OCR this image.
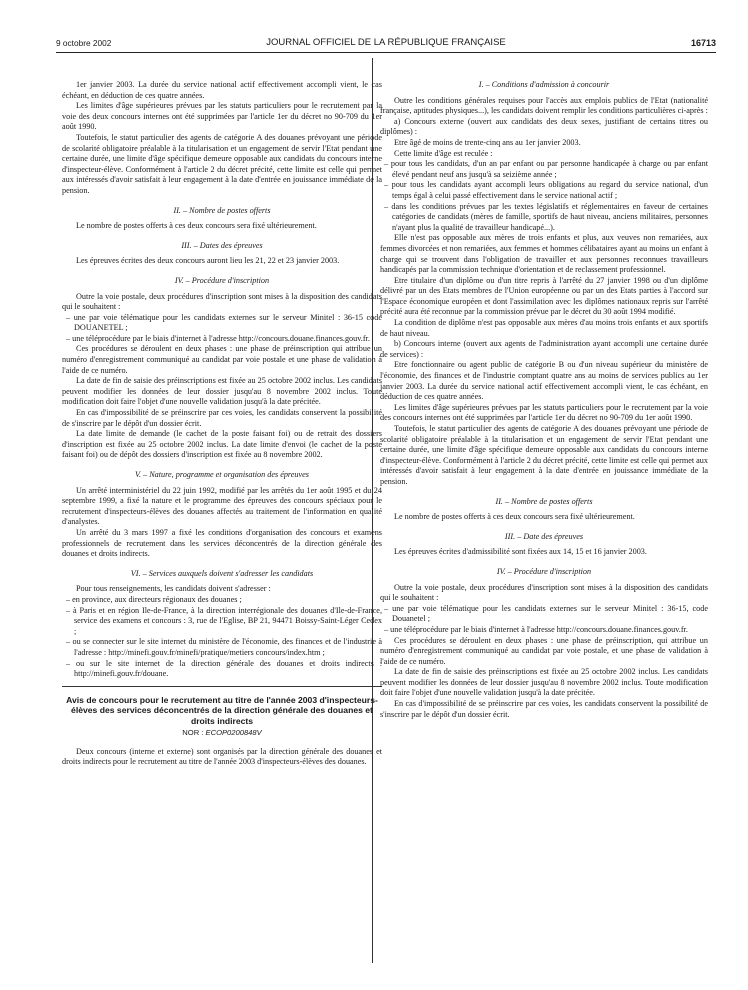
9 octobre 2002	JOURNAL OFFICIEL DE LA RÉPUBLIQUE FRANÇAISE	16713

1er janvier 2003. La durée du service national actif effectivement accompli vient, le cas échéant, en déduction de ces quatre années.

Les limites d'âge supérieures prévues par les statuts particuliers pour le recrutement par la voie des deux concours internes ont été supprimées par l'article 1er du décret no 90-709 du 1er août 1990.

Toutefois, le statut particulier des agents de catégorie A des douanes prévoyant une période de scolarité obligatoire préalable à la titularisation et un engagement de servir l'Etat pendant une certaine durée, une limite d'âge spécifique demeure opposable aux candidats du concours interne d'inspecteur-élève. Conformément à l'article 2 du décret précité, cette limite est celle qui permet aux intéressés d'avoir satisfait à leur engagement à la date d'entrée en jouissance immédiate de la pension.

II. – Nombre de postes offerts

Le nombre de postes offerts à ces deux concours sera fixé ultérieurement.

III. – Dates des épreuves

Les épreuves écrites des deux concours auront lieu les 21, 22 et 23 janvier 2003.

IV. – Procédure d'inscription

Outre la voie postale, deux procédures d'inscription sont mises à la disposition des candidats qui le souhaitent :

– une par voie télématique pour les candidats externes sur le serveur Minitel : 36-15 code DOUANETEL ;
– une téléprocédure par le biais d'internet à l'adresse http://concours.douane.finances.gouv.fr.

Ces procédures se déroulent en deux phases : une phase de préinscription qui attribue un numéro d'enregistrement communiqué au candidat par voie postale et une phase de validation à l'aide de ce numéro.

La date de fin de saisie des préinscriptions est fixée au 25 octobre 2002 inclus. Les candidats peuvent modifier les données de leur dossier jusqu'au 8 novembre 2002 inclus. Toute modification doit faire l'objet d'une nouvelle validation jusqu'à la date précitée.

En cas d'impossibilité de se préinscrire par ces voies, les candidats conservent la possibilité de s'inscrire par le dépôt d'un dossier écrit.

La date limite de demande (le cachet de la poste faisant foi) ou de retrait des dossiers d'inscription est fixée au 25 octobre 2002 inclus. La date limite d'envoi (le cachet de la poste faisant foi) ou de dépôt des dossiers d'inscription est fixée au 8 novembre 2002.

V. – Nature, programme et organisation des épreuves

Un arrêté interministériel du 22 juin 1992, modifié par les arrêtés du 1er août 1995 et du 24 septembre 1999, a fixé la nature et le programme des épreuves des concours spéciaux pour le recrutement d'inspecteurs-élèves des douanes affectés au traitement de l'information en qualité d'analystes.

Un arrêté du 3 mars 1997 a fixé les conditions d'organisation des concours et examens professionnels de recrutement dans les services déconcentrés de la direction générale des douanes et droits indirects.

VI. – Services auxquels doivent s'adresser les candidats

Pour tous renseignements, les candidats doivent s'adresser :

– en province, aux directeurs régionaux des douanes ;
– à Paris et en région Ile-de-France, à la direction interrégionale des douanes d'Ile-de-France, service des examens et concours : 3, rue de l'Eglise, BP 21, 94471 Boissy-Saint-Léger Cedex ;
– ou se connecter sur le site internet du ministère de l'économie, des finances et de l'industrie à l'adresse : http://minefi.gouv.fr/minefi/pratique/metiers concours/index.htm ;
– ou sur le site internet de la direction générale des douanes et droits indirects : http://minefi.gouv.fr/douane.
Avis de concours pour le recrutement au titre de l'année 2003 d'inspecteurs-élèves des services déconcentrés de la direction générale des douanes et droits indirects
NOR : ECOP0200848V

Deux concours (interne et externe) sont organisés par la direction générale des douanes et droits indirects pour le recrutement au titre de l'année 2003 d'inspecteurs-élèves des douanes.

I. – Conditions d'admission à concourir

Outre les conditions générales requises pour l'accès aux emplois publics de l'Etat (nationalité française, aptitudes physiques...), les candidats doivent remplir les conditions particulières ci-après :

a) Concours externe (ouvert aux candidats des deux sexes, justifiant de certains titres ou diplômes) :

Etre âgé de moins de trente-cinq ans au 1er janvier 2003.

Cette limite d'âge est reculée :

– pour tous les candidats, d'un an par enfant ou par personne handicapée à charge ou par enfant élevé pendant neuf ans jusqu'à sa seizième année ;
– pour tous les candidats ayant accompli leurs obligations au regard du service national, d'un temps égal à celui passé effectivement dans le service national actif ;
– dans les conditions prévues par les textes législatifs et réglementaires en faveur de certaines catégories de candidats (mères de famille, sportifs de haut niveau, anciens militaires, personnes n'ayant plus la qualité de travailleur handicapé...).

Elle n'est pas opposable aux mères de trois enfants et plus, aux veuves non remariées, aux femmes divorcées et non remariées, aux femmes et hommes célibataires ayant au moins un enfant à charge qui se trouvent dans l'obligation de travailler et aux personnes reconnues travailleurs handicapés par la commission technique d'orientation et de reclassement professionnel.

Etre titulaire d'un diplôme ou d'un titre repris à l'arrêté du 27 janvier 1998 ou d'un diplôme délivré par un des Etats membres de l'Union européenne ou par un des Etats parties à l'accord sur l'Espace économique européen et dont l'assimilation avec les diplômes nationaux repris sur l'arrêté précité aura été reconnue par la commission prévue par le décret du 30 août 1994 modifié.

La condition de diplôme n'est pas opposable aux mères d'au moins trois enfants et aux sportifs de haut niveau.

b) Concours interne (ouvert aux agents de l'administration ayant accompli une certaine durée de services) :

Etre fonctionnaire ou agent public de catégorie B ou d'un niveau supérieur du ministère de l'économie, des finances et de l'industrie comptant quatre ans au moins de services publics au 1er janvier 2003. La durée du service national actif effectivement accompli vient, le cas échéant, en déduction de ces quatre années.

Les limites d'âge supérieures prévues par les statuts particuliers pour le recrutement par la voie des concours internes ont été supprimées par l'article 1er du décret no 90-709 du 1er août 1990.

Toutefois, le statut particulier des agents de catégorie A des douanes prévoyant une période de scolarité obligatoire préalable à la titularisation et un engagement de servir l'Etat pendant une certaine durée, une limite d'âge spécifique demeure opposable aux candidats du concours interne d'inspecteur-élève. Conformément à l'article 2 du décret précité, cette limite est celle qui permet aux intéressés d'avoir satisfait à leur engagement à la date d'entrée en jouissance immédiate de la pension.

II. – Nombre de postes offerts

Le nombre de postes offerts à ces deux concours sera fixé ultérieurement.

III. – Date des épreuves

Les épreuves écrites d'admissibilité sont fixées aux 14, 15 et 16 janvier 2003.

IV. – Procédure d'inscription

Outre la voie postale, deux procédures d'inscription sont mises à la disposition des candidats qui le souhaitent :

– une par voie télématique pour les candidats externes sur le serveur Minitel : 36-15, code Douanetel ;
– une téléprocédure par le biais d'internet à l'adresse http://concours.douane.finances.gouv.fr.

Ces procédures se déroulent en deux phases : une phase de préinscription, qui attribue un numéro d'enregistrement communiqué au candidat par voie postale, et une phase de validation à l'aide de ce numéro.

La date de fin de saisie des préinscriptions est fixée au 25 octobre 2002 inclus. Les candidats peuvent modifier les données de leur dossier jusqu'au 8 novembre 2002 inclus. Toute modification doit faire l'objet d'une nouvelle validation jusqu'à la date précitée.

En cas d'impossibilité de se préinscrire par ces voies, les candidats conservent la possibilité de s'inscrire par le dépôt d'un dossier écrit.
